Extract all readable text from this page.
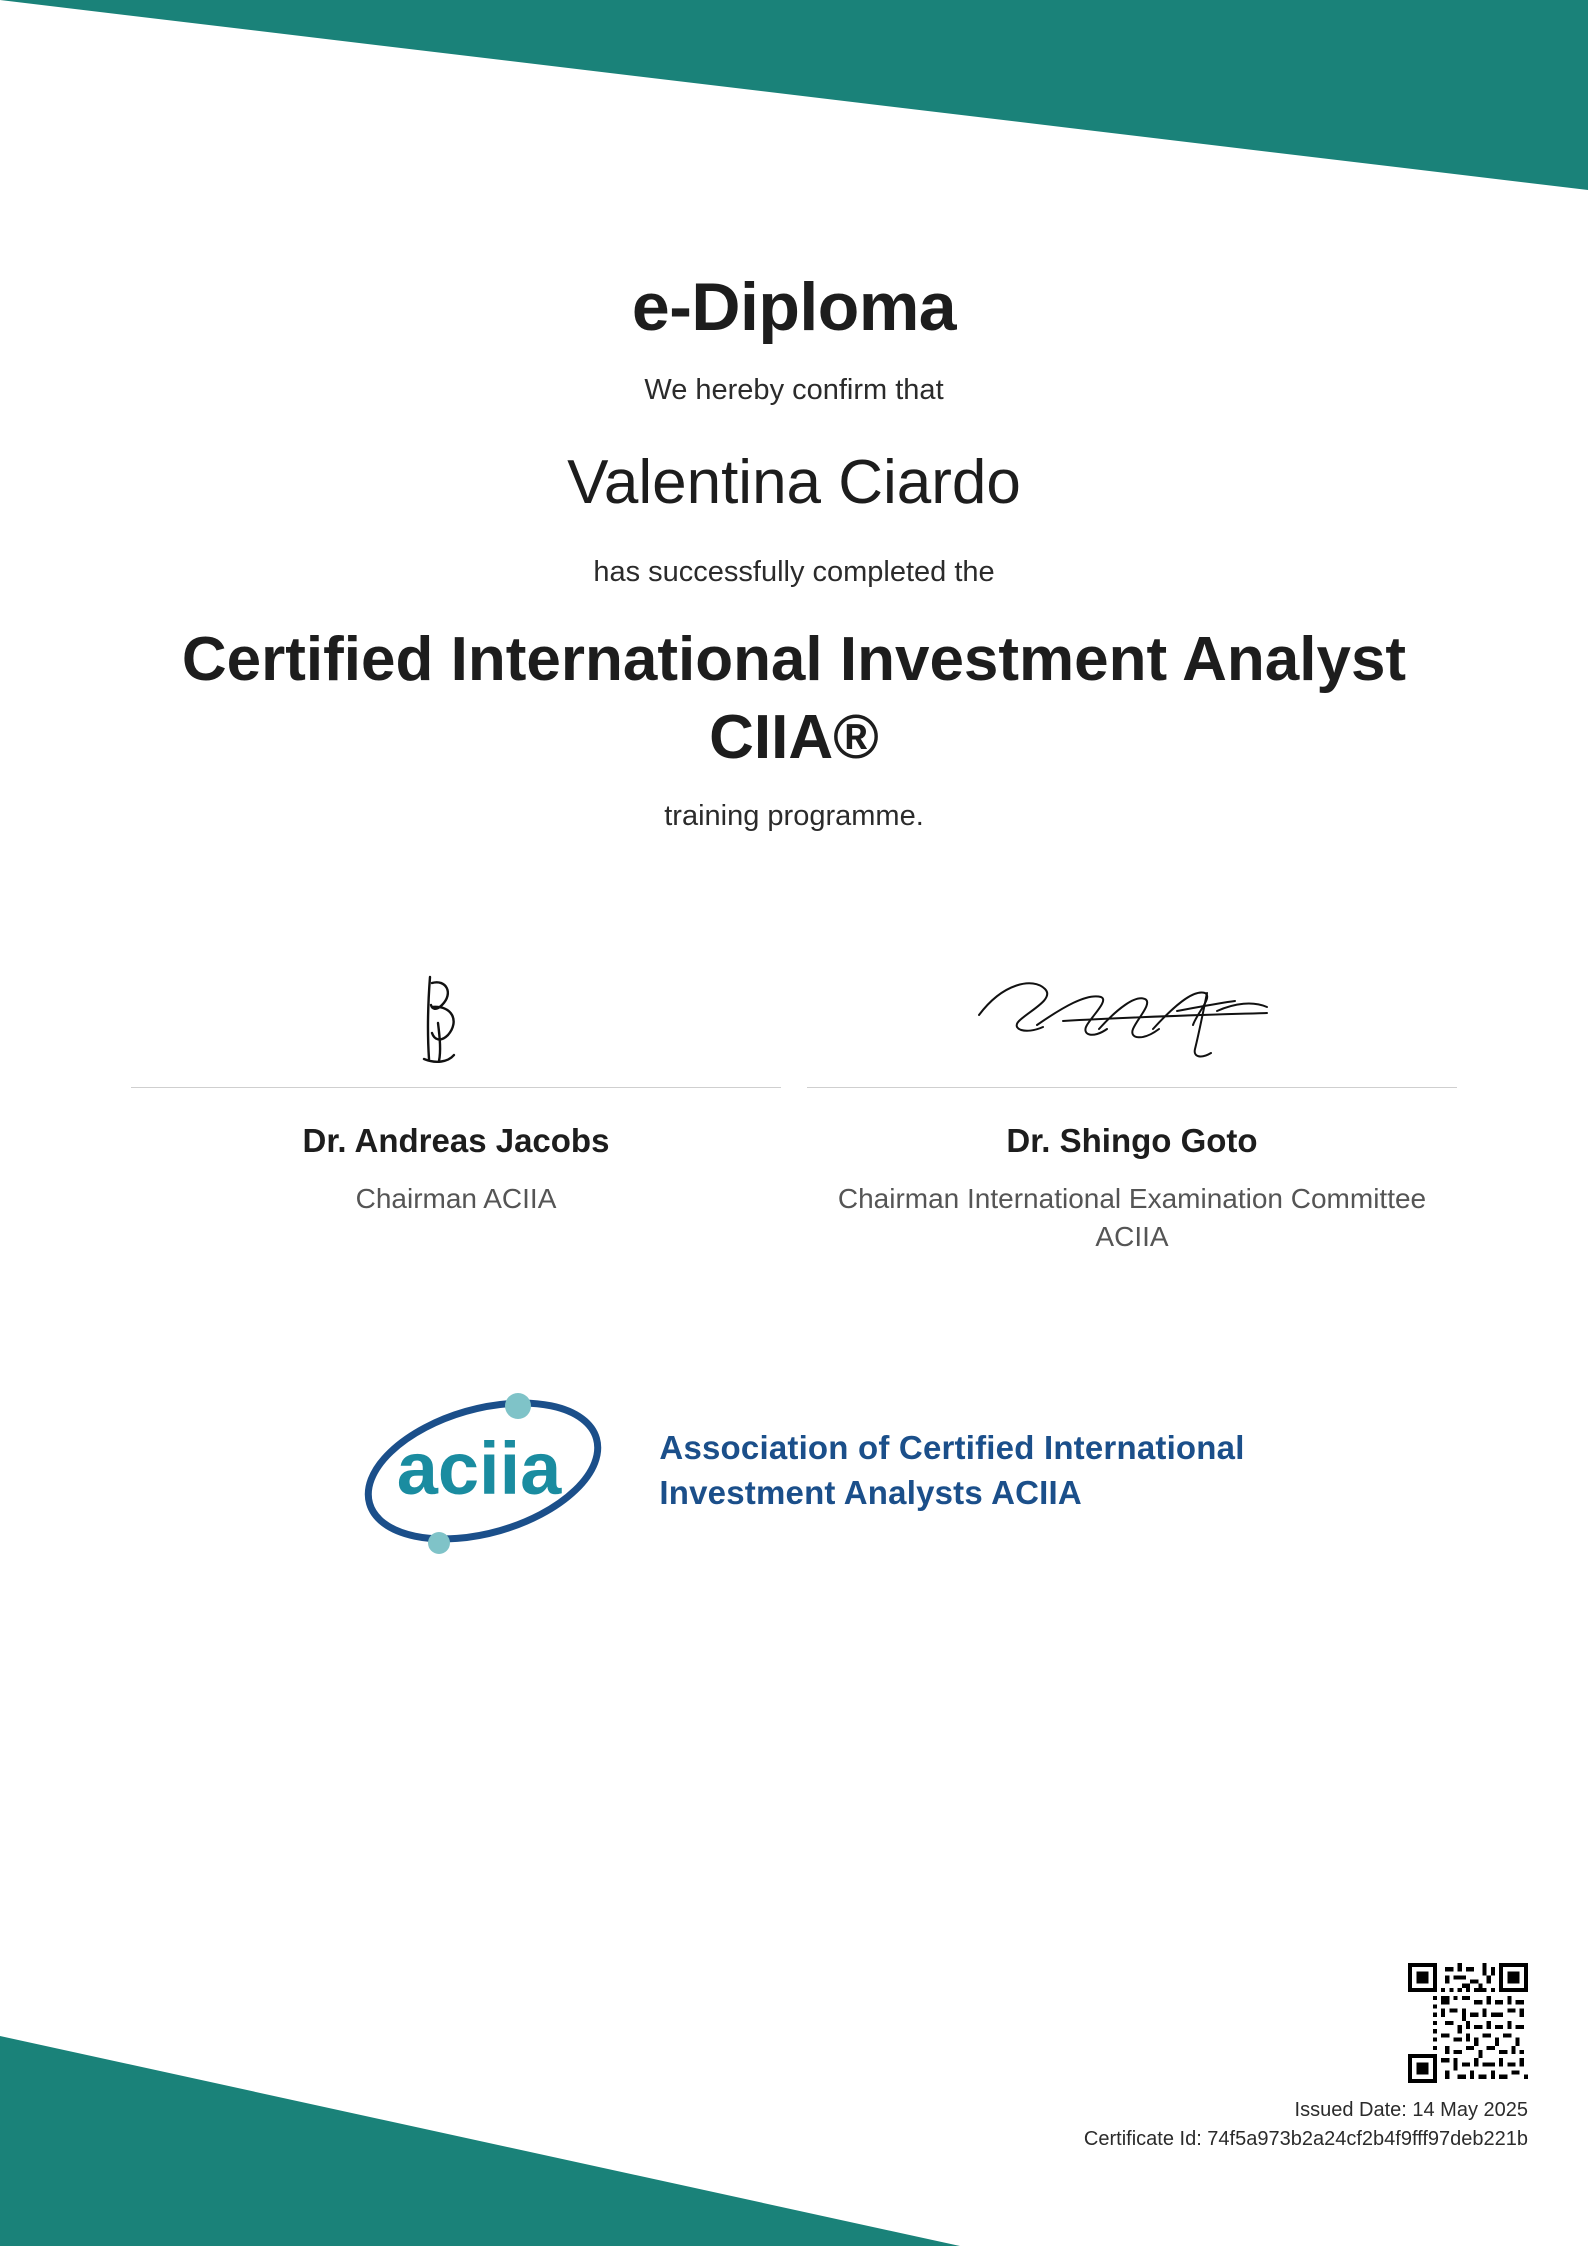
e-Diploma

We hereby confirm that

Valentina Ciardo

has successfully completed the

Certified International Investment Analyst CIIA®

training programme.

Dr. Andreas Jacobs
Chairman ACIIA
Dr. Shingo Goto
Chairman International Examination Committee ACIIA
aciia	Association of Certified International
Investment Analysts ACIIA
Issued Date: 14 May 2025
Certificate Id: 74f5a973b2a24cf2b4f9fff97deb221b
